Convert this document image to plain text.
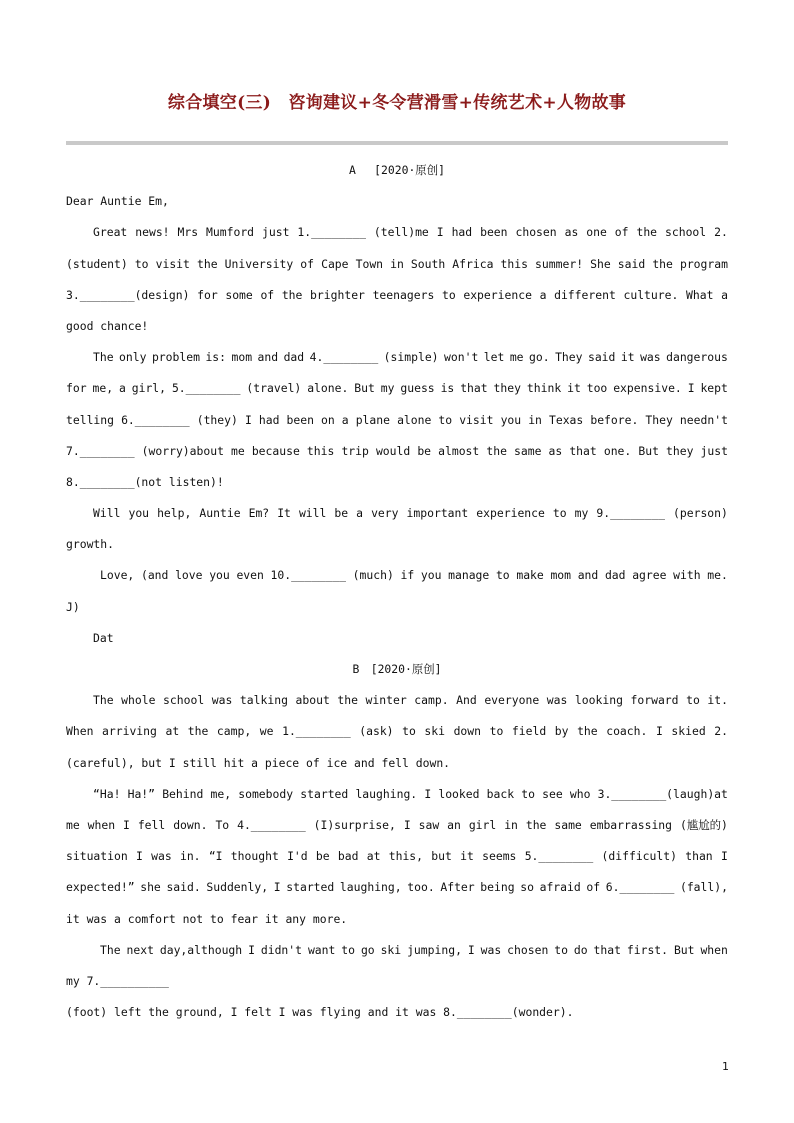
综合填空(三)　咨询建议+冬令营滑雪+传统艺术+人物故事
A　 [2020·原创]
Dear Auntie Em,
Great news! Mrs Mumford just 1.________ (tell)me I had been chosen as one of the school 2.
(student) to visit the University of Cape Town in South Africa this summer! She said the program
3.________(design) for some of the brighter teenagers to experience a different culture. What a
good chance!
The only problem is: mom and dad 4.________ (simple) won't let me go. They said it was dangerous
for me, a girl, 5.________ (travel) alone. But my guess is that they think it too expensive. I kept
telling 6.________ (they) I had been on a plane alone to visit you in Texas before. They needn't
7.________ (worry)about me because this trip would be almost the same as that one. But they just
8.________(not listen)!
Will you help, Auntie Em? It will be a very important experience to my 9.________ (person)
growth.
Love, (and love you even 10.________ (much) if you manage to make mom and dad agree with me.
J)
Dat
B　[2020·原创]
The whole school was talking about the winter camp. And everyone was looking forward to it.
When arriving at the camp, we 1.________ (ask) to ski down to field by the coach. I skied 2.
(careful), but I still hit a piece of ice and fell down.
“Ha! Ha!” Behind me, somebody started laughing. I looked back to see who 3.________(laugh)at
me when I fell down. To 4.________ (I)surprise, I saw an girl in the same embarrassing (尴尬的)
situation I was in. “I thought I'd be bad at this, but it seems 5.________ (difficult) than I
expected!” she said. Suddenly, I started laughing, too. After being so afraid of 6.________ (fall),
it was a comfort not to fear it any more.
The next day,although I didn't want to go ski jumping, I was chosen to do that first. But when
my 7.__________
(foot) left the ground, I felt I was flying and it was 8.________(wonder).
1
